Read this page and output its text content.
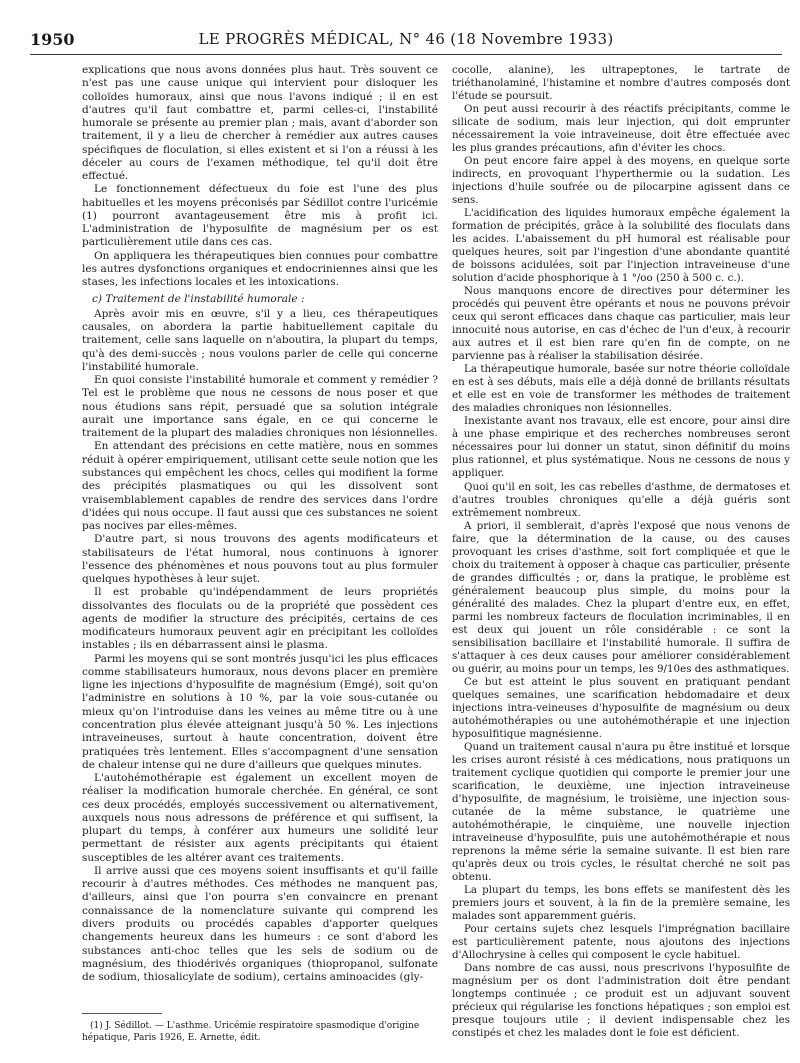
1950	LE PROGRÈS MÉDICAL, N° 46 (18 Novembre 1933)

explications que nous avons données plus haut. Très souvent ce n'est pas une cause unique qui intervient pour disloquer les colloïdes humoraux, ainsi que nous l'avons indiqué ; il en est d'autres qu'il faut combattre et, parmi celles-ci, l'instabilité humorale se présente au premier plan ; mais, avant d'aborder son traitement, il y a lieu de chercher à remédier aux autres causes spécifiques de floculation, si elles existent et si l'on a réussi à les déceler au cours de l'examen méthodique, tel qu'il doit être effectué.

Le fonctionnement défectueux du foie est l'une des plus habituelles et les moyens préconisés par Sédillot contre l'uricémie (1) pourront avantageusement être mis à profit ici. L'administration de l'hyposulfite de magnésium per os est particulièrement utile dans ces cas.

On appliquera les thérapeutiques bien connues pour combattre les autres dysfonctions organiques et endocriniennes ainsi que les stases, les infections locales et les intoxications.

c) Traitement de l'instabilité humorale :

Après avoir mis en œuvre, s'il y a lieu, ces thérapeutiques causales, on abordera la partie habituellement capitale du traitement, celle sans laquelle on n'aboutira, la plupart du temps, qu'à des demi-succès ; nous voulons parler de celle qui concerne l'instabilité humorale.

En quoi consiste l'instabilité humorale et comment y remédier ? Tel est le problème que nous ne cessons de nous poser et que nous étudions sans répit, persuadé que sa solution intégrale aurait une importance sans égale, en ce qui concerne le traitement de la plupart des maladies chroniques non lésionnelles.

En attendant des précisions en cette matière, nous en sommes réduit à opérer empiriquement, utilisant cette seule notion que les substances qui empêchent les chocs, celles qui modifient la forme des précipités plasmatiques ou qui les dissolvent sont vraisemblablement capables de rendre des services dans l'ordre d'idées qui nous occupe. Il faut aussi que ces substances ne soient pas nocives par elles-mêmes.

D'autre part, si nous trouvons des agents modificateurs et stabilisateurs de l'état humoral, nous continuons à ignorer l'essence des phénomènes et nous pouvons tout au plus formuler quelques hypothèses à leur sujet.

Il est probable qu'indépendamment de leurs propriétés dissolvantes des floculats ou de la propriété que possèdent ces agents de modifier la structure des précipités, certains de ces modificateurs humoraux peuvent agir en précipitant les colloïdes instables ; ils en débarrassent ainsi le plasma.

Parmi les moyens qui se sont montrés jusqu'ici les plus efficaces comme stabilisateurs humoraux, nous devons placer en première ligne les injections d'hyposulfite de magnésium (Emgé), soit qu'on l'administre en solutions à 10 %, par la voie sous-cutanée ou mieux qu'on l'introduise dans les veines au même titre ou à une concentration plus élevée atteignant jusqu'à 50 %. Les injections intraveineuses, surtout à haute concentration, doivent être pratiquées très lentement. Elles s'accompagnent d'une sensation de chaleur intense qui ne dure d'ailleurs que quelques minutes.

L'autohémothérapie est également un excellent moyen de réaliser la modification humorale cherchée. En général, ce sont ces deux procédés, employés successivement ou alternativement, auxquels nous nous adressons de préférence et qui suffisent, la plupart du temps, à conférer aux humeurs une solidité leur permettant de résister aux agents précipitants qui étaient susceptibles de les altérer avant ces traitements.

Il arrive aussi que ces moyens soient insuffisants et qu'il faille recourir à d'autres méthodes. Ces méthodes ne manquent pas, d'ailleurs, ainsi que l'on pourra s'en convaincre en prenant connaissance de la nomenclature suivante qui comprend les divers produits ou procédés capables d'apporter quelques changements heureux dans les humeurs : ce sont d'abord les substances anti-choc telles que les sels de sodium ou de magnésium, des thiodérivés organiques (thiopropanol, sulfonate de sodium, thiosalicylate de sodium), certains aminoacides (gly-

(1) J. Sédillot. — L'asthme. Uricémie respiratoire spasmodique d'origine hépatique, Paris 1926, E. Arnette, édit.

cocolle, alanine), les ultrapeptones, le tartrate de triéthanolaminé, l'histamine et nombre d'autres composés dont l'étude se poursuit.

On peut aussi recourir à des réactifs précipitants, comme le silicate de sodium, mais leur injection, qui doit emprunter nécessairement la voie intraveineuse, doit être effectuée avec les plus grandes précautions, afin d'éviter les chocs.

On peut encore faire appel à des moyens, en quelque sorte indirects, en provoquant l'hyperthermie ou la sudation. Les injections d'huile soufrée ou de pilocarpine agissent dans ce sens.

L'acidification des liquides humoraux empêche également la formation de précipités, grâce à la solubilité des floculats dans les acides. L'abaissement du pH humoral est réalisable pour quelques heures, soit par l'ingestion d'une abondante quantité de boissons acidulées, soit par l'injection intraveineuse d'une solution d'acide phosphorique à 1 °/oo (250 à 500 c. c.).

Nous manquons encore de directives pour déterminer les procédés qui peuvent être opérants et nous ne pouvons prévoir ceux qui seront efficaces dans chaque cas particulier, mais leur innocuité nous autorise, en cas d'échec de l'un d'eux, à recourir aux autres et il est bien rare qu'en fin de compte, on ne parvienne pas à réaliser la stabilisation désirée.

La thérapeutique humorale, basée sur notre théorie colloïdale en est à ses débuts, mais elle a déjà donné de brillants résultats et elle est en voie de transformer les méthodes de traitement des maladies chroniques non lésionnelles.

Inexistante avant nos travaux, elle est encore, pour ainsi dire à une phase empirique et des recherches nombreuses seront nécessaires pour lui donner un statut, sinon définitif du moins plus rationnel, et plus systématique. Nous ne cessons de nous y appliquer.

Quoi qu'il en soit, les cas rebelles d'asthme, de dermatoses et d'autres troubles chroniques qu'elle a déjà guéris sont extrêmement nombreux.

A priori, il semblerait, d'après l'exposé que nous venons de faire, que la détermination de la cause, ou des causes provoquant les crises d'asthme, soit fort compliquée et que le choix du traitement à opposer à chaque cas particulier, présente de grandes difficultés ; or, dans la pratique, le problème est généralement beaucoup plus simple, du moins pour la généralité des malades. Chez la plupart d'entre eux, en effet, parmi les nombreux facteurs de floculation incriminables, il en est deux qui jouent un rôle considérable : ce sont la sensibilisation bacillaire et l'instabilité humorale. Il suffira de s'attaquer à ces deux causes pour améliorer considérablement ou guérir, au moins pour un temps, les 9/10es des asthmatiques.

Ce but est atteint le plus souvent en pratiquant pendant quelques semaines, une scarification hebdomadaire et deux injections intra-veineuses d'hyposulfite de magnésium ou deux autohémothérapies ou une autohémothérapie et une injection hyposulfitique magnésienne.

Quand un traitement causal n'aura pu être institué et lorsque les crises auront résisté à ces médications, nous pratiquons un traitement cyclique quotidien qui comporte le premier jour une scarification, le deuxième, une injection intraveineuse d'hyposulfite, de magnésium, le troisième, une injection sous-cutanée de la même substance, le quatrième une autohémothérapie, le cinquième, une nouvelle injection intraveineuse d'hyposulfite, puis une autohémothérapie et nous reprenons la même série la semaine suivante. Il est bien rare qu'après deux ou trois cycles, le résultat cherché ne soit pas obtenu.

La plupart du temps, les bons effets se manifestent dès les premiers jours et souvent, à la fin de la première semaine, les malades sont apparemment guéris.

Pour certains sujets chez lesquels l'imprégnation bacillaire est particulièrement patente, nous ajoutons des injections d'Allochrysine à celles qui composent le cycle habituel.

Dans nombre de cas aussi, nous prescrivons l'hyposulfite de magnésium per os dont l'administration doit être pendant longtemps continuée ; ce produit est un adjuvant souvent précieux qui régularise les fonctions hépatiques ; son emploi est presque toujours utile ; il devient indispensable chez les constipés et chez les malades dont le foie est déficient.
